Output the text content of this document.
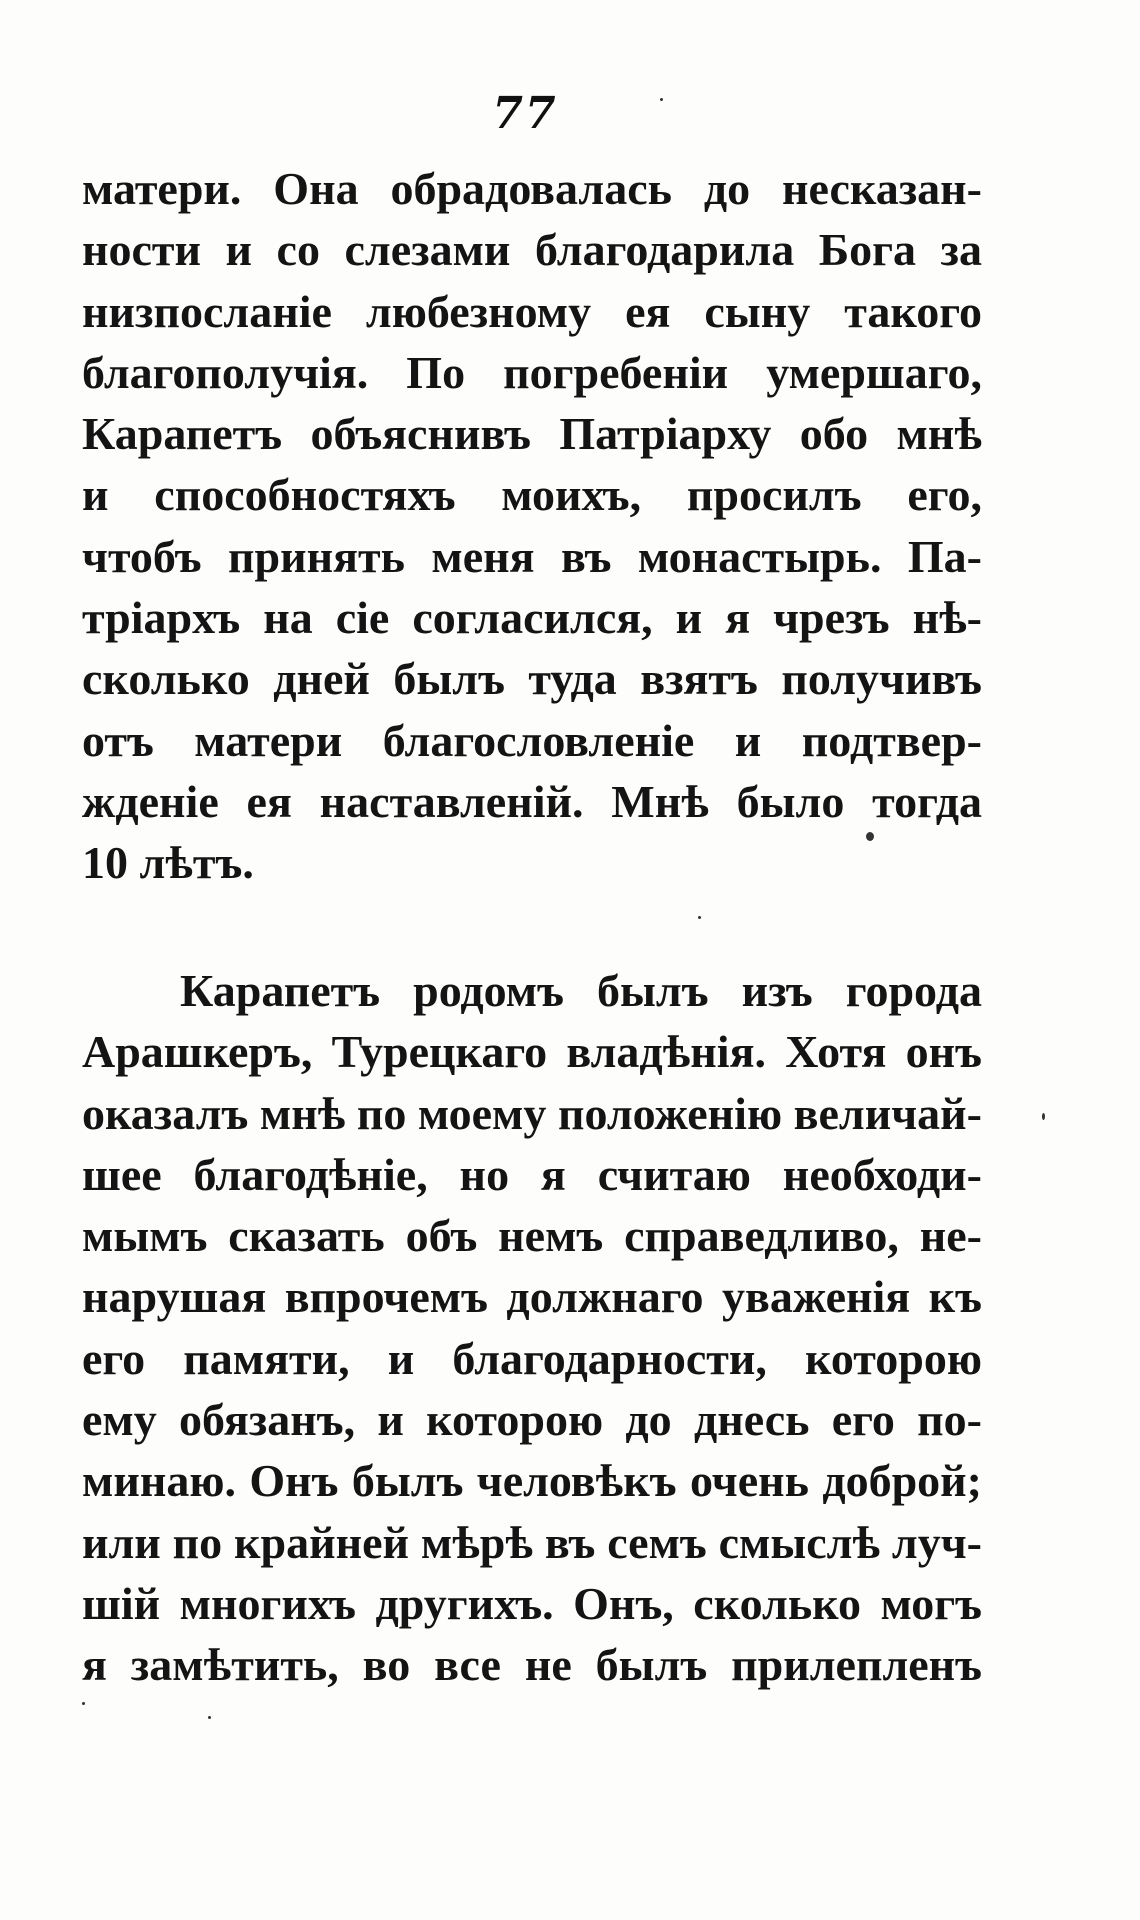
77
матери. Она обрадовалась до несказан-
ности и со слезами благодарила Бога за
низпосланіе любезному ея сыну такого
благополучія. По погребеніи умершаго,
Карапетъ объяснивъ Патріарху обо мнѣ
и способностяхъ моихъ, просилъ его,
чтобъ принять меня въ монастырь. Па-
тріархъ на сіе согласился, и я чрезъ нѣ-
сколько дней былъ туда взятъ получивъ
отъ матери благословленіе и подтвер-
жденіе ея наставленій. Мнѣ было тогда
10 лѣтъ.
Карапетъ родомъ былъ изъ города
Арашкеръ, Турецкаго владѣнія. Хотя онъ
оказалъ мнѣ по моему положенію величай-
шее благодѣніе, но я считаю необходи-
мымъ сказать объ немъ справедливо, не-
нарушая впрочемъ должнаго уваженія къ
его памяти, и благодарности, которою
ему обязанъ, и которою до днесь его по-
минаю. Онъ былъ человѣкъ очень доброй;
или по крайней мѣрѣ въ семъ смыслѣ луч-
шій многихъ другихъ. Онъ, сколько могъ
я замѣтить, во все не былъ прилепленъ
